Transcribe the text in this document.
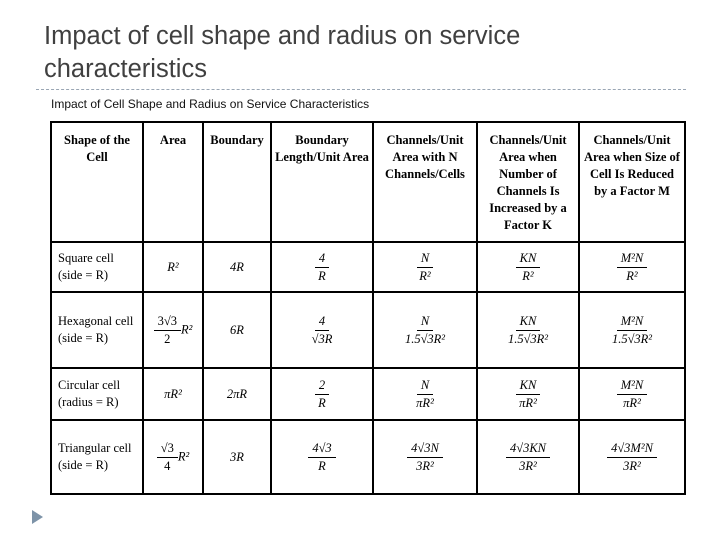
Impact of cell shape and radius on service characteristics
Impact of Cell Shape and Radius on Service Characteristics
Shape of the Cell	Area	Boundary	Boundary Length/Unit Area	Channels/Unit Area with N Channels/Cells	Channels/Unit Area when Number of Channels Is Increased by a Factor K	Channels/Unit Area when Size of Cell Is Reduced by a Factor M
Square cell (side = R)	R²	4R	$\frac{4}{R}$	$\frac{N}{\text{R²}}$	$\frac{KN}{\text{R²}}$	$\frac{\text{M²N}}{\text{R²}}$

Hexagonal cell (side = R)	$\frac{3√3}{2} R^2$	6R	$\frac{4}{√3R}$	$\frac{N}{\text{1.5√3R²}}$	$\frac{KN}{\text{1.5√3R²}}$	$\frac{\text{M²N}}{\text{1.5√3R²}}$

Circular cell (radius = R)	πR²	2πR	$\frac{2}{R}$	$\frac{N}{\text{πR²}}$	$\frac{KN}{\text{πR²}}$	$\frac{\text{M²N}}{\text{πR²}}$

Triangular cell (side = R)	$\frac{√3}{4} R^2$	3R	$\frac{4√3}{R}$	$\frac{4√3N}{\text{3R²}}$	$\frac{4√3KN}{\text{3R²}}$	$\frac{\text{4√3M²N}}{\text{3R²}}$
